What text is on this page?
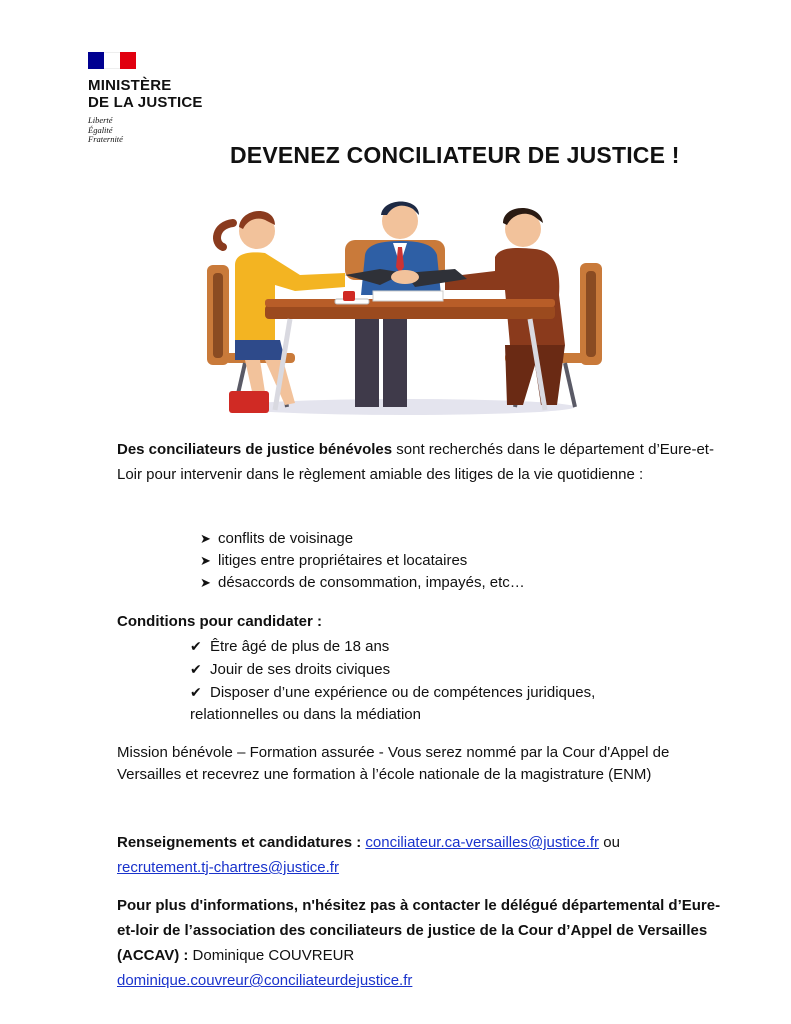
MINISTÈRE
DE LA JUSTICE
Liberté
Égalité
Fraternité
DEVENEZ CONCILIATEUR DE JUSTICE !
Des conciliateurs de justice bénévoles sont recherchés dans le département d’Eure-et-Loir pour intervenir dans le règlement amiable des litiges de la vie quotidienne :
➤ conflits de voisinage
➤ litiges entre propriétaires et locataires
➤ désaccords de consommation, impayés, etc…
Conditions pour candidater :
✔ Être âgé de plus de 18 ans
✔ Jouir de ses droits civiques
✔ Disposer d’une expérience ou de compétences juridiques,
relationnelles ou dans la médiation
Mission bénévole – Formation assurée - Vous serez nommé par la Cour d'Appel de Versailles et recevrez une formation à l’école nationale de la magistrature (ENM)
Renseignements et candidatures : conciliateur.ca-versailles@justice.fr ou
recrutement.tj-chartres@justice.fr
Pour plus d'informations, n'hésitez pas à contacter le délégué départemental d’Eure-et-loir de l’association des conciliateurs de justice de la Cour d’Appel de Versailles (ACCAV) : Dominique COUVREUR
dominique.couvreur@conciliateurdejustice.fr
